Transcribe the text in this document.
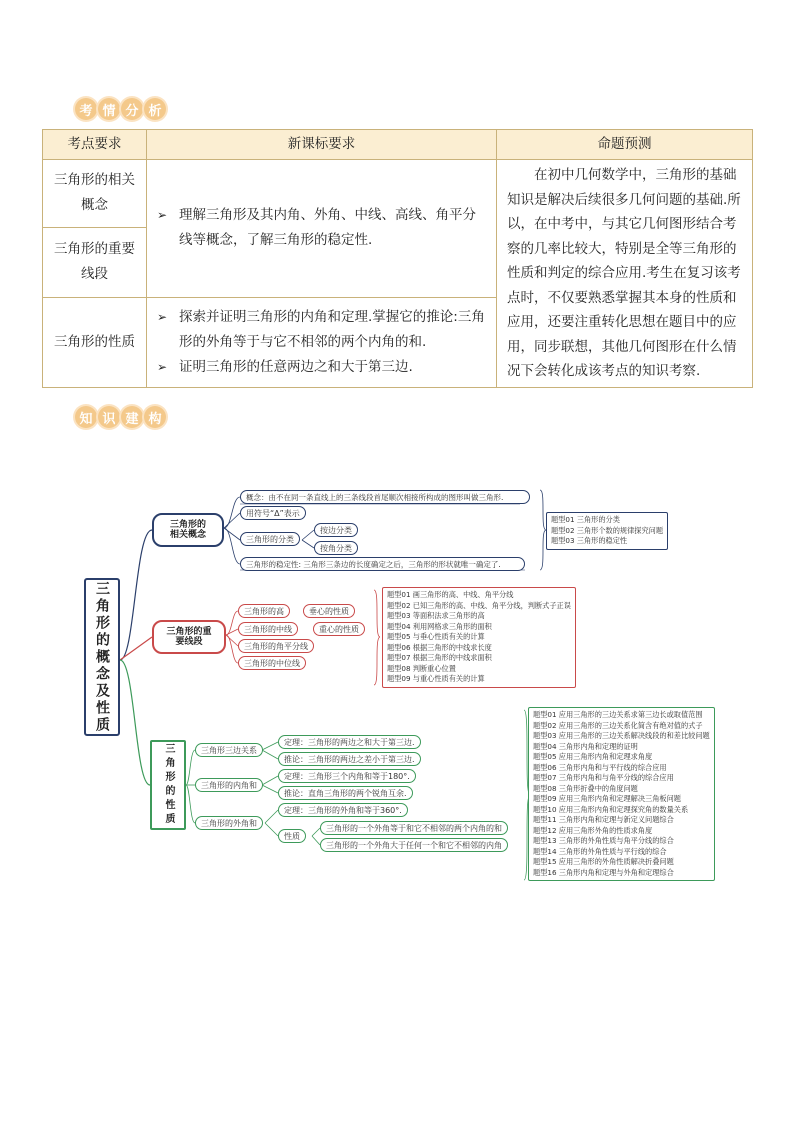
考 情 分 析
考点要求	新课标要求	命题预测
三角形的相关概念	➢ 理解三角形及其内角、外角、中线、高线、角平分线等概念，了解三角形的稳定性.	在初中几何数学中，三角形的基础知识是解决后续很多几何问题的基础.所以，在中考中，与其它几何图形结合考察的几率比较大，特别是全等三角形的性质和判定的综合应用.考生在复习该考点时，不仅要熟悉掌握其本身的性质和应用，还要注重转化思想在题目中的应用，同步联想，其他几何图形在什么情况下会转化成该考点的知识考察.
三角形的重要线段		
三角形的性质	➢ 探索并证明三角形的内角和定理.掌握它的推论:三角形的外角等于与它不相邻的两个内角的和.
➢ 证明三角形的任意两边之和大于第三边.	
知 识 建 构
三角形的概念及性质
三角形的相关概念
概念：由不在同一条直线上的三条线段首尾顺次相接所构成的图形叫做三角形.
用符号“Δ”表示
三角形的分类
按边分类
按角分类
三角形的稳定性: 三角形三条边的长度确定之后，三角形的形状就唯一确定了.
题型01 三角形的分类
题型02 三角形个数的规律探究问题
题型03 三角形的稳定性
三角形的重要线段
三角形的高	垂心的性质
三角形的中线	重心的性质
三角形的角平分线
三角形的中位线
题型01 画三角形的高、中线、角平分线
题型02 已知三角形的高、中线、角平分线，判断式子正误
题型03 等面积法求三角形的高
题型04 利用网格求三角形的面积
题型05 与垂心性质有关的计算
题型06 根据三角形的中线求长度
题型07 根据三角形的中线求面积
题型08 判断重心位置
题型09 与重心性质有关的计算
三角形的性质	三角形三边关系
定理：三角形的两边之和大于第三边.
推论：三角形的两边之差小于第三边.
三角形的内角和
定理：三角形三个内角和等于180°.
推论：直角三角形的两个锐角互余.
三角形的外角和
定理：三角形的外角和等于360°.
性质
三角形的一个外角等于和它不相邻的两个内角的和
三角形的一个外角大于任何一个和它不相邻的内角
题型01 应用三角形的三边关系求第三边长或取值范围
题型02 应用三角形的三边关系化简含有绝对值的式子
题型03 应用三角形的三边关系解决线段的和差比较问题
题型04 三角形内角和定理的证明
题型05 应用三角形内角和定理求角度
题型06 三角形内角和与平行线的综合应用
题型07 三角形内角和与角平分线的综合应用
题型08 三角形折叠中的角度问题
题型09 应用三角形内角和定理解决三角板问题
题型10 应用三角形内角和定理探究角的数量关系
题型11 三角形内角和定理与新定义问题综合
题型12 应用三角形外角的性质求角度
题型13 三角形的外角性质与角平分线的综合
题型14 三角形的外角性质与平行线的综合
题型15 应用三角形的外角性质解决折叠问题
题型16 三角形内角和定理与外角和定理综合
